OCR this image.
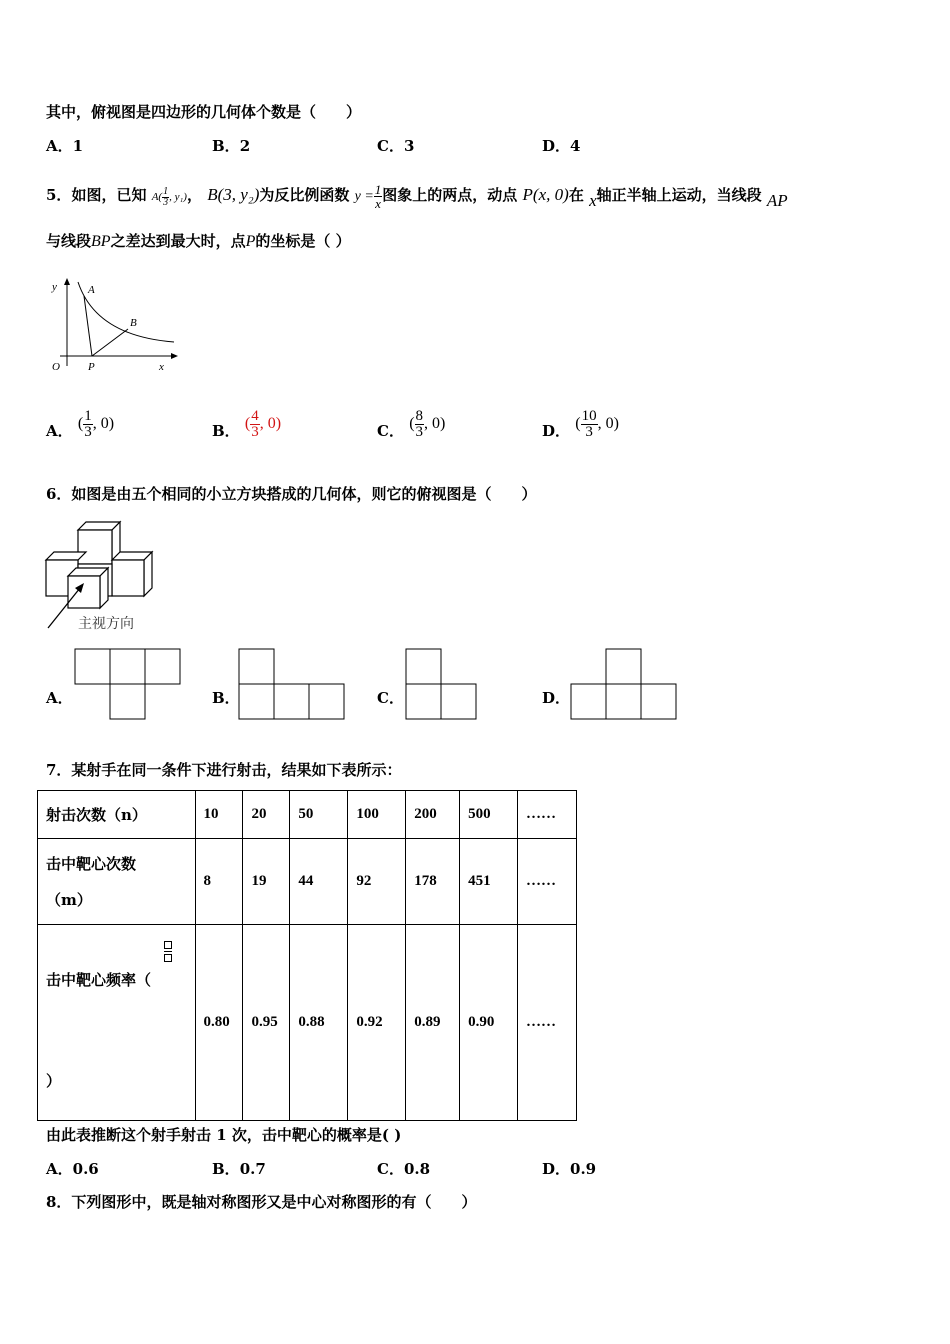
其中，俯视图是四边形的几何体个数是（　　）
A．1	B．2	C．3	D．4
5．如图，已知 $A( \frac{1}{3}$ , y₁)， B(3, y₂)为反比例函数 $y = \frac{1}{x}$ 图象上的两点，动点 P(x, 0)在 x轴正半轴上运动，当线段 AP
与线段BP之差达到最大时，点P的坐标是（ ）
y	A
B
O	P	x
A． ( $\frac{1}{3}$ , 0)	B． ( $\frac{4}{3}$ , 0)	C． ( $\frac{8}{3}$ , 0)	D． ( $\frac{10}{3}$ , 0)
6．如图是由五个相同的小立方块搭成的几何体，则它的俯视图是（　　）
主视方向
A．	B．	C．	D．
7．某射手在同一条件下进行射击，结果如下表所示：
射击次数（n）	10	20	50	100	200	500	……

击中靶心次数
（m）	8	19	44	92	178	451	……

击中靶心频率（
）	0.80	0.95	0.88	0.92	0.89	0.90	……
由此表推断这个射手射击 1 次，击中靶心的概率是( )
A．0.6	B．0.7	C．0.8	D．0.9
8．下列图形中，既是轴对称图形又是中心对称图形的有（　　）
